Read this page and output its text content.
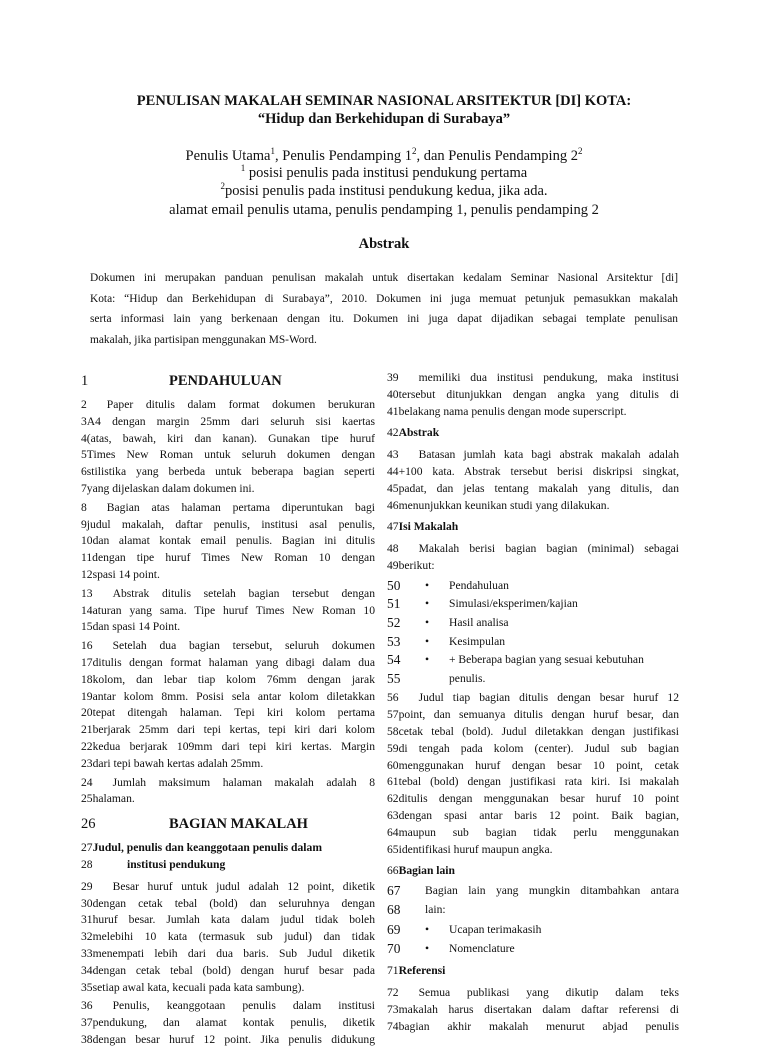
PENULISAN MAKALAH SEMINAR NASIONAL ARSITEKTUR [DI] KOTA:
“Hidup dan Berkehidupan di Surabaya”
Penulis Utama$^1$, Penulis Pendamping $1^2$, dan Penulis Pendamping $2^2$
$^1$ posisi penulis pada institusi pendukung pertama
$^2$posisi penulis pada institusi pendukung kedua, jika ada.
alamat email penulis utama, penulis pendamping 1, penulis pendamping 2
Abstrak
Dokumen ini merupakan panduan penulisan makalah untuk disertakan kedalam Seminar Nasional Arsitektur [di]
Kota: “Hidup dan Berkehidupan di Surabaya”, 2010. Dokumen ini juga memuat petunjuk pemasukkan makalah
serta informasi lain yang berkenaan dengan itu. Dokumen ini juga dapat dijadikan sebagai template penulisan
makalah, jika partisipan menggunakan MS-Word.
1	PENDAHULUAN
2	Paper ditulis dalam format dokumen berukuran
3 A4 dengan margin 25mm dari seluruh sisi kaertas
4 (atas, bawah, kiri dan kanan). Gunakan tipe huruf
5 Times New Roman untuk seluruh dokumen dengan
6 stilistika yang berbeda untuk beberapa bagian seperti
7 yang dijelaskan dalam dokumen ini.
8	Bagian atas halaman pertama diperuntukan bagi
9 judul makalah, daftar penulis, institusi asal penulis,
10 dan alamat kontak email penulis. Bagian ini ditulis
11 dengan tipe huruf Times New Roman 10 dengan
12 spasi 14 point.
13	Abstrak ditulis setelah bagian tersebut dengan
14 aturan yang sama. Tipe huruf Times New Roman 10
15 dan spasi 14 Point.
16	Setelah dua bagian tersebut, seluruh dokumen
17 ditulis dengan format halaman yang dibagi dalam dua
18 kolom, dan lebar tiap kolom 76mm dengan jarak
19 antar kolom 8mm. Posisi sela antar kolom diletakkan
20 tepat ditengah halaman. Tepi kiri kolom pertama
21 berjarak 25mm dari tepi kertas, tepi kiri dari kolom
22 kedua berjarak 109mm dari tepi kiri kertas. Margin
23 dari tepi bawah kertas adalah 25mm.
24	Jumlah maksimum halaman makalah adalah 8
25 halaman.
26	BAGIAN MAKALAH
27 Judul, penulis dan keanggotaan penulis dalam
28	institusi pendukung
29	Besar huruf untuk judul adalah 12 point, diketik
30 dengan cetak tebal (bold) dan seluruhnya dengan
31 huruf besar. Jumlah kata dalam judul tidak boleh
32 melebihi 10 kata (termasuk sub judul) dan tidak
33 menempati lebih dari dua baris. Sub Judul diketik
34 dengan cetak tebal (bold) dengan huruf besar pada
35 setiap awal kata, kecuali pada kata sambung).
36	Penulis, keanggotaan penulis dalam institusi
37 pendukung, dan alamat kontak penulis, diketik
38 dengan besar huruf 12 point. Jika penulis didukung
39	memiliki dua institusi pendukung, maka institusi
40 tersebut ditunjukkan dengan angka yang ditulis di
41 belakang nama penulis dengan mode superscript.
42 Abstrak
43	Batasan jumlah kata bagi abstrak makalah adalah
44 +100 kata. Abstrak tersebut berisi diskripsi singkat,
45 padat, dan jelas tentang makalah yang ditulis, dan
46 menunjukkan keunikan studi yang dilakukan.
47 Isi Makalah
48	Makalah berisi bagian bagian (minimal) sebagai
49 berikut:
50	•	Pendahuluan
51	•	Simulasi/eksperimen/kajian
52	•	Hasil analisa
53	•	Kesimpulan
54	•	+ Beberapa bagian yang sesuai kebutuhan
55	penulis.
56	Judul tiap bagian ditulis dengan besar huruf 12
57 point, dan semuanya ditulis dengan huruf besar, dan
58 cetak tebal (bold). Judul diletakkan dengan justifikasi
59 di tengah pada kolom (center). Judul sub bagian
60 menggunakan huruf dengan besar 10 point, cetak
61 tebal (bold) dengan justifikasi rata kiri. Isi makalah
62 ditulis dengan menggunakan besar huruf 10 point
63 dengan spasi antar baris 12 point. Baik bagian,
64 maupun sub bagian tidak perlu menggunakan
65 identifikasi huruf maupun angka.
66 Bagian lain
67	Bagian lain yang mungkin ditambahkan antara
68	lain:
69	•	Ucapan terimakasih
70	•	Nomenclature
71 Referensi
72	Semua publikasi yang dikutip dalam teks
73 makalah harus disertakan dalam daftar referensi di
74 bagian akhir makalah menurut abjad penulis
